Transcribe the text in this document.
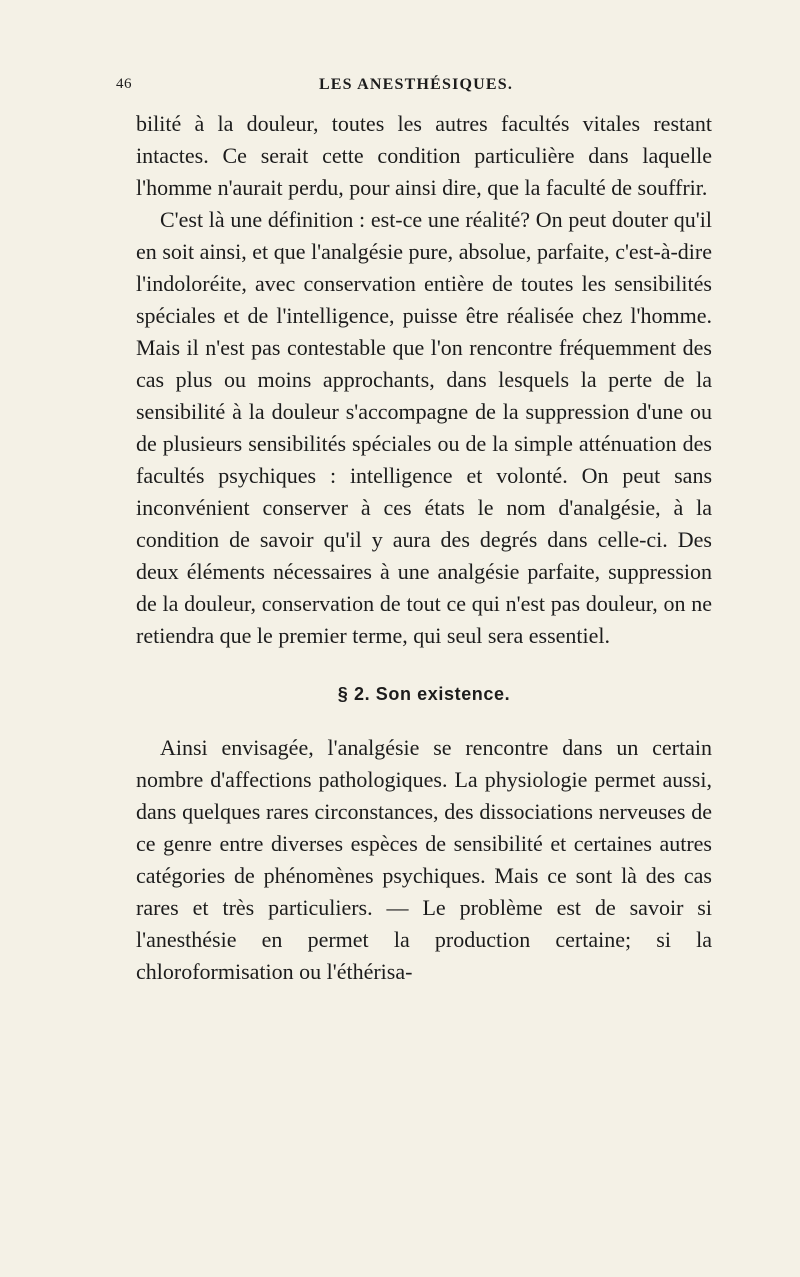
46	LES ANESTHÉSIQUES.

bilité à la douleur, toutes les autres facultés vitales restant intactes. Ce serait cette condition particulière dans laquelle l'homme n'aurait perdu, pour ainsi dire, que la faculté de souffrir.

C'est là une définition : est-ce une réalité? On peut douter qu'il en soit ainsi, et que l'analgésie pure, absolue, parfaite, c'est-à-dire l'indoloréite, avec conservation entière de toutes les sensibilités spéciales et de l'intelligence, puisse être réalisée chez l'homme. Mais il n'est pas contestable que l'on rencontre fréquemment des cas plus ou moins approchants, dans lesquels la perte de la sensibilité à la douleur s'accompagne de la suppression d'une ou de plusieurs sensibilités spéciales ou de la simple atténuation des facultés psychiques : intelligence et volonté. On peut sans inconvénient conserver à ces états le nom d'analgésie, à la condition de savoir qu'il y aura des degrés dans celle-ci. Des deux éléments nécessaires à une analgésie parfaite, suppression de la douleur, conservation de tout ce qui n'est pas douleur, on ne retiendra que le premier terme, qui seul sera essentiel.

§ 2. Son existence.

Ainsi envisagée, l'analgésie se rencontre dans un certain nombre d'affections pathologiques. La physiologie permet aussi, dans quelques rares circonstances, des dissociations nerveuses de ce genre entre diverses espèces de sensibilité et certaines autres catégories de phénomènes psychiques. Mais ce sont là des cas rares et très particuliers. — Le problème est de savoir si l'anesthésie en permet la production certaine; si la chloroformisation ou l'éthérisa-
